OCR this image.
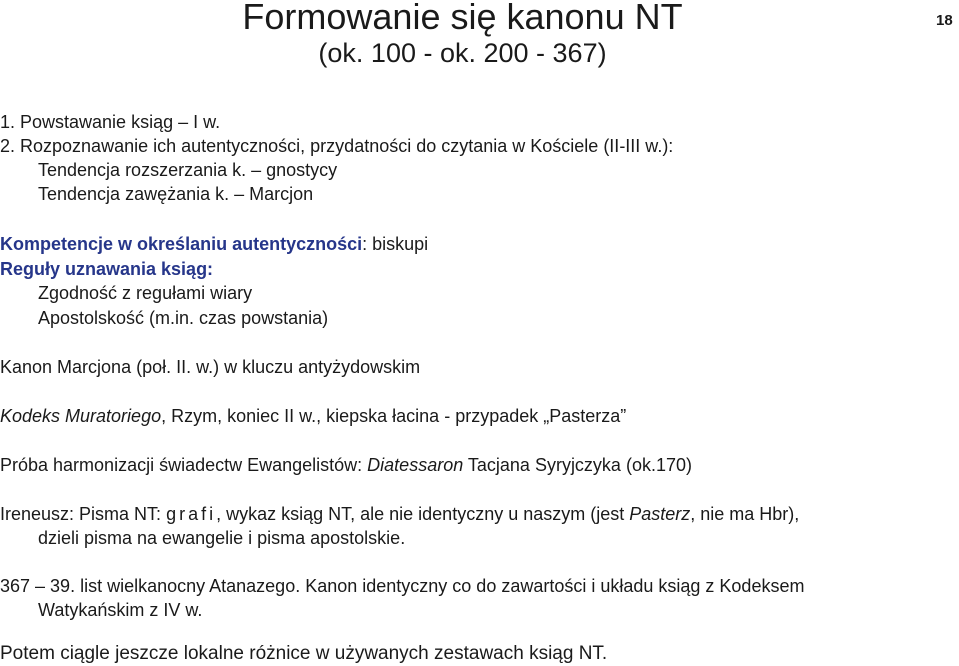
Formowanie się kanonu NT
(ok. 100 - ok. 200 - 367)
18
1. Powstawanie ksiąg – I w.
2. Rozpoznawanie ich autentyczności, przydatności do czytania w Kościele (II-III w.):
Tendencja rozszerzania k. – gnostycy
Tendencja zawężania k. – Marcjon
Kompetencje w określaniu autentyczności: biskupi
Reguły uznawania ksiąg:
Zgodność z regułami wiary
Apostolskość (m.in. czas powstania)
Kanon Marcjona (poł. II. w.) w kluczu antyżydowskim
Kodeks Muratoriego, Rzym, koniec II w., kiepska łacina - przypadek „Pasterza”
Próba harmonizacji świadectw Ewangelistów: Diatessaron Tacjana Syryjczyka (ok.170)
Ireneusz: Pisma NT: grafi, wykaz ksiąg NT, ale nie identyczny u naszym (jest Pasterz, nie ma Hbr),
dzieli pisma na ewangelie i pisma apostolskie.
367 – 39. list wielkanocny Atanazego. Kanon identyczny co do zawartości i układu ksiąg z Kodeksem
Watykańskim z IV w.
Potem ciągle jeszcze lokalne różnice w używanych zestawach ksiąg NT.
